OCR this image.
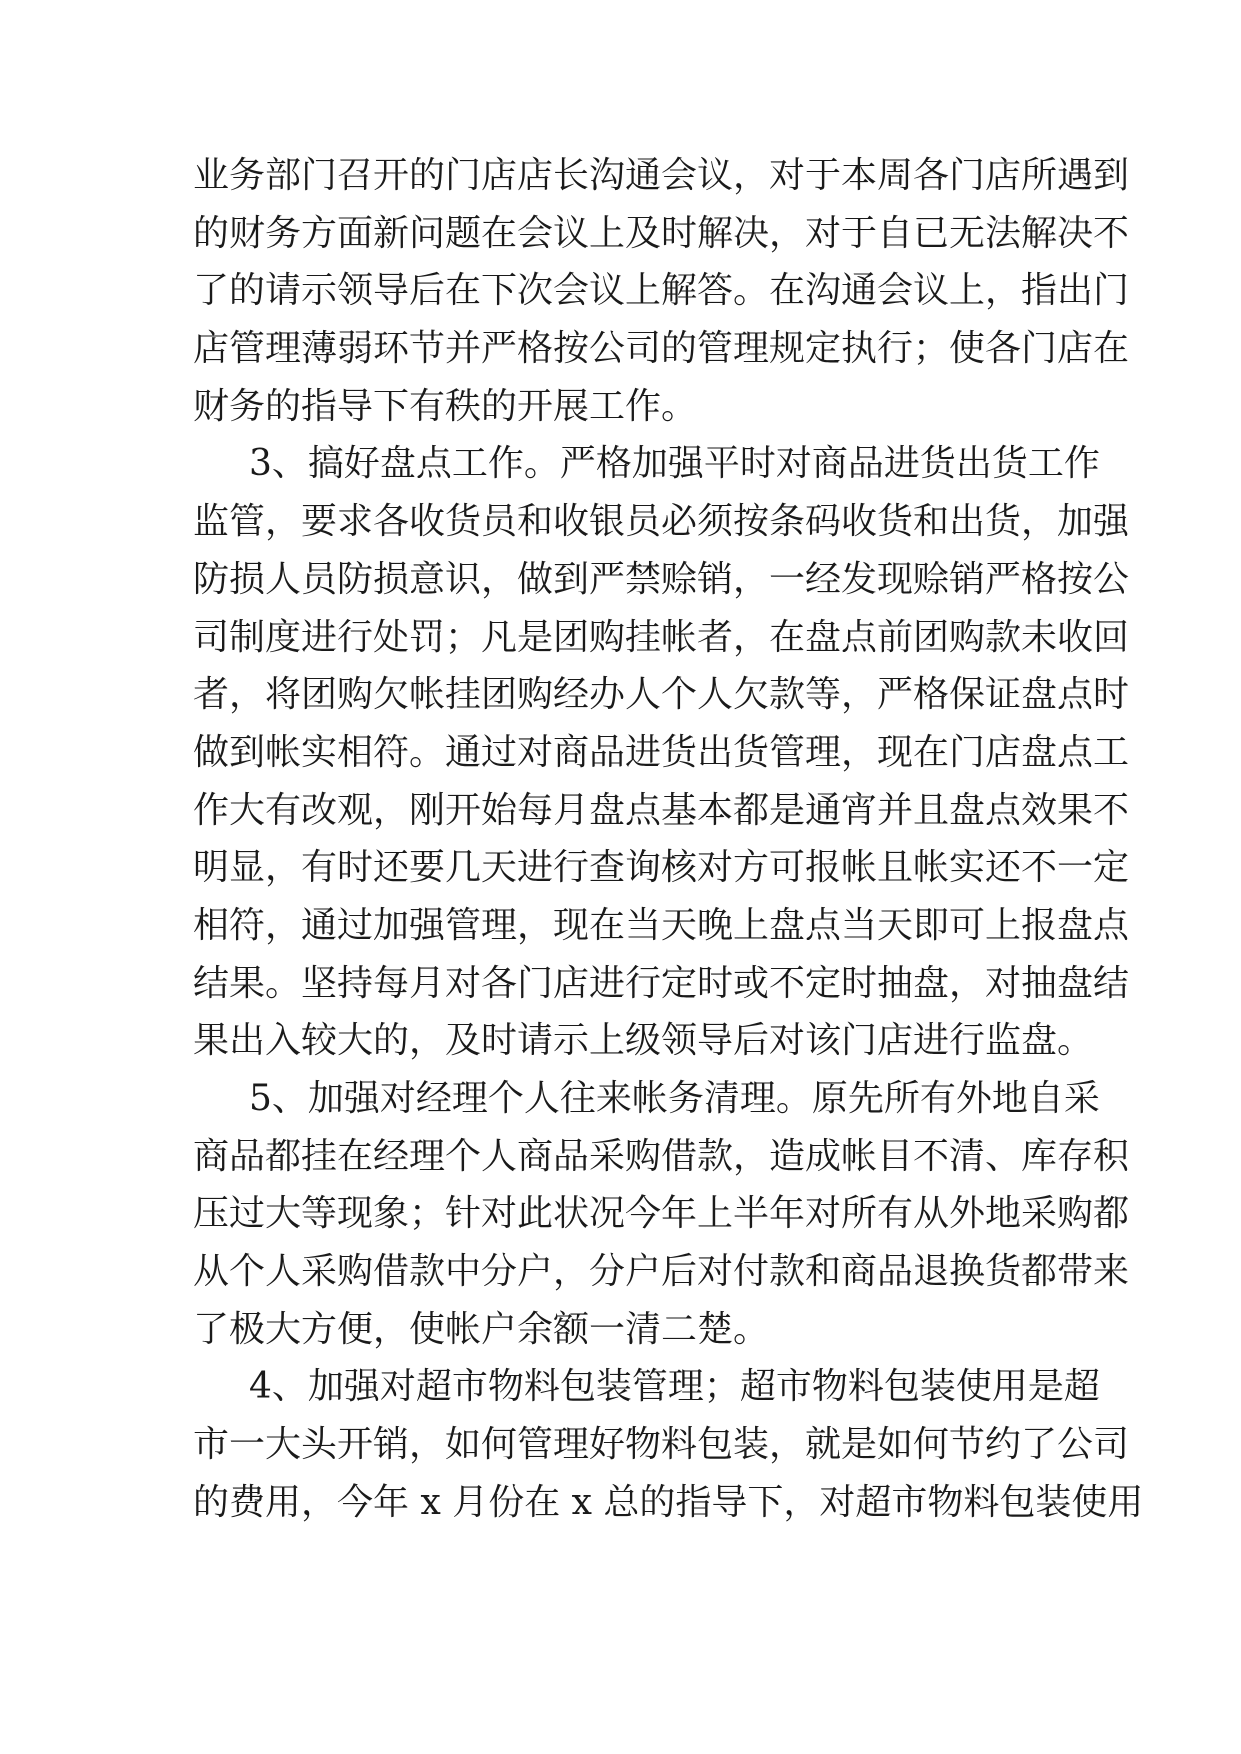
业务部门召开的门店店长沟通会议，对于本周各门店所遇到
的财务方面新问题在会议上及时解决，对于自已无法解决不
了的请示领导后在下次会议上解答。在沟通会议上，指出门
店管理薄弱环节并严格按公司的管理规定执行；使各门店在
财务的指导下有秩的开展工作。
3、搞好盘点工作。严格加强平时对商品进货出货工作
监管，要求各收货员和收银员必须按条码收货和出货，加强
防损人员防损意识，做到严禁赊销，一经发现赊销严格按公
司制度进行处罚；凡是团购挂帐者，在盘点前团购款未收回
者，将团购欠帐挂团购经办人个人欠款等，严格保证盘点时
做到帐实相符。通过对商品进货出货管理，现在门店盘点工
作大有改观，刚开始每月盘点基本都是通宵并且盘点效果不
明显，有时还要几天进行查询核对方可报帐且帐实还不一定
相符，通过加强管理，现在当天晚上盘点当天即可上报盘点
结果。坚持每月对各门店进行定时或不定时抽盘，对抽盘结
果出入较大的，及时请示上级领导后对该门店进行监盘。
5、加强对经理个人往来帐务清理。原先所有外地自采
商品都挂在经理个人商品采购借款，造成帐目不清、库存积
压过大等现象；针对此状况今年上半年对所有从外地采购都
从个人采购借款中分户，分户后对付款和商品退换货都带来
了极大方便，使帐户余额一清二楚。
4、加强对超市物料包装管理；超市物料包装使用是超
市一大头开销，如何管理好物料包装，就是如何节约了公司
的费用，今年 x 月份在 x 总的指导下，对超市物料包装使用
